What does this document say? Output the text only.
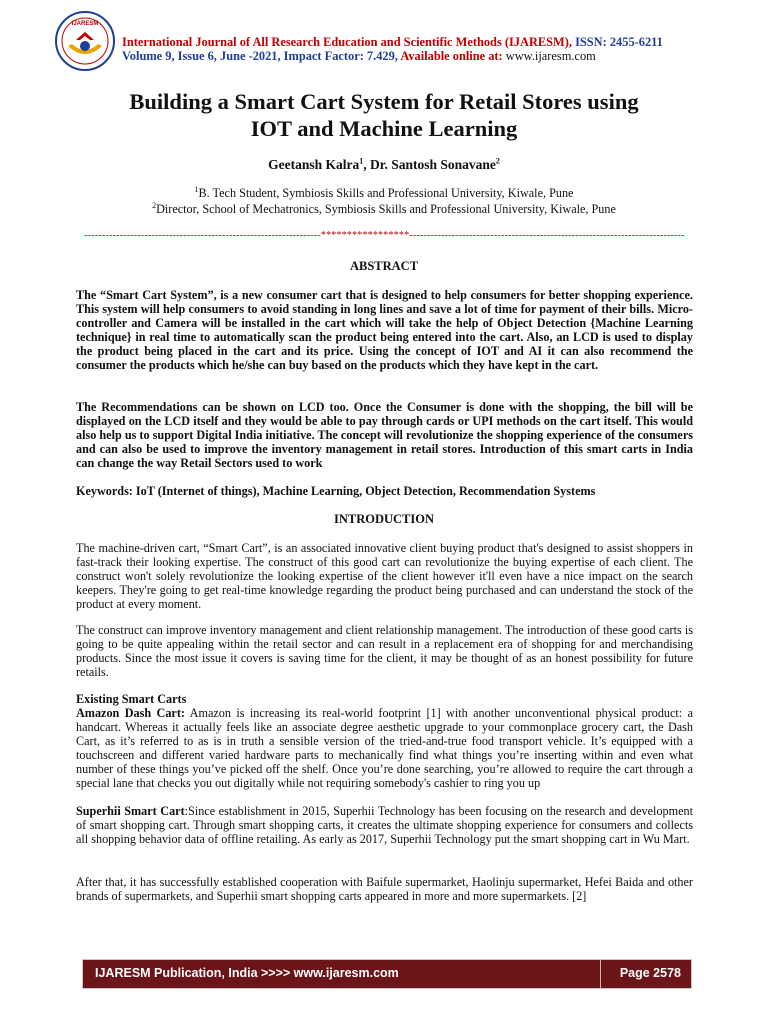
IJARESM
International Journal of All Research Education and Scientific Methods (IJARESM), ISSN: 2455-6211
Volume 9, Issue 6, June -2021, Impact Factor: 7.429, Available online at: www.ijaresm.com
Building a Smart Cart System for Retail Stores using
IOT and Machine Learning
Geetansh Kalra$^1$, Dr. Santosh Sonavane$^2$
$^1$B. Tech Student, Symbiosis Skills and Professional University, Kiwale, Pune
$^2$Director, School of Mechatronics, Symbiosis Skills and Professional University, Kiwale, Pune
-------------------------------------------------------------------*****************------------------------------------------------------------------------------
ABSTRACT
The “Smart Cart System”, is a new consumer cart that is designed to help consumers for better shopping experience. This system will help consumers to avoid standing in long lines and save a lot of time for payment of their bills. Micro-controller and Camera will be installed in the cart which will take the help of Object Detection {Machine Learning technique} in real time to automatically scan the product being entered into the cart. Also, an LCD is used to display the product being placed in the cart and its price. Using the concept of IOT and AI it can also recommend the consumer the products which he/she can buy based on the products which they have kept in the cart.
The Recommendations can be shown on LCD too. Once the Consumer is done with the shopping, the bill will be displayed on the LCD itself and they would be able to pay through cards or UPI methods on the cart itself. This would also help us to support Digital India initiative. The concept will revolutionize the shopping experience of the consumers and can also be used to improve the inventory management in retail stores. Introduction of this smart carts in India can change the way Retail Sectors used to work
Keywords: IoT (Internet of things), Machine Learning, Object Detection, Recommendation Systems
INTRODUCTION
The machine-driven cart, “Smart Cart”, is an associated innovative client buying product that's designed to assist shoppers in fast-track their looking expertise. The construct of this good cart can revolutionize the buying expertise of each client. The construct won't solely revolutionize the looking expertise of the client however it'll even have a nice impact on the search keepers. They're going to get real-time knowledge regarding the product being purchased and can understand the stock of the product at every moment.
The construct can improve inventory management and client relationship management. The introduction of these good carts is going to be quite appealing within the retail sector and can result in a replacement era of shopping for and merchandising products. Since the most issue it covers is saving time for the client, it may be thought of as an honest possibility for future retails.
Existing Smart Carts
Amazon Dash Cart: Amazon is increasing its real-world footprint [1] with another unconventional physical product: a handcart. Whereas it actually feels like an associate degree aesthetic upgrade to your commonplace grocery cart, the Dash Cart, as it’s referred to as is in truth a sensible version of the tried-and-true food transport vehicle. It’s equipped with a touchscreen and different varied hardware parts to mechanically find what things you’re inserting within and even what number of these things you’ve picked off the shelf. Once you’re done searching, you’re allowed to require the cart through a special lane that checks you out digitally while not requiring somebody's cashier to ring you up
Superhii Smart Cart:Since establishment in 2015, Superhii Technology has been focusing on the research and development of smart shopping cart. Through smart shopping carts, it creates the ultimate shopping experience for consumers and collects all shopping behavior data of offline retailing. As early as 2017, Superhii Technology put the smart shopping cart in Wu Mart.
After that, it has successfully established cooperation with Baifule supermarket, Haolinju supermarket, Hefei Baida and other brands of supermarkets, and Superhii smart shopping carts appeared in more and more supermarkets. [2]
IJARESM Publication, India >>>> www.ijaresm.com	Page 2578
